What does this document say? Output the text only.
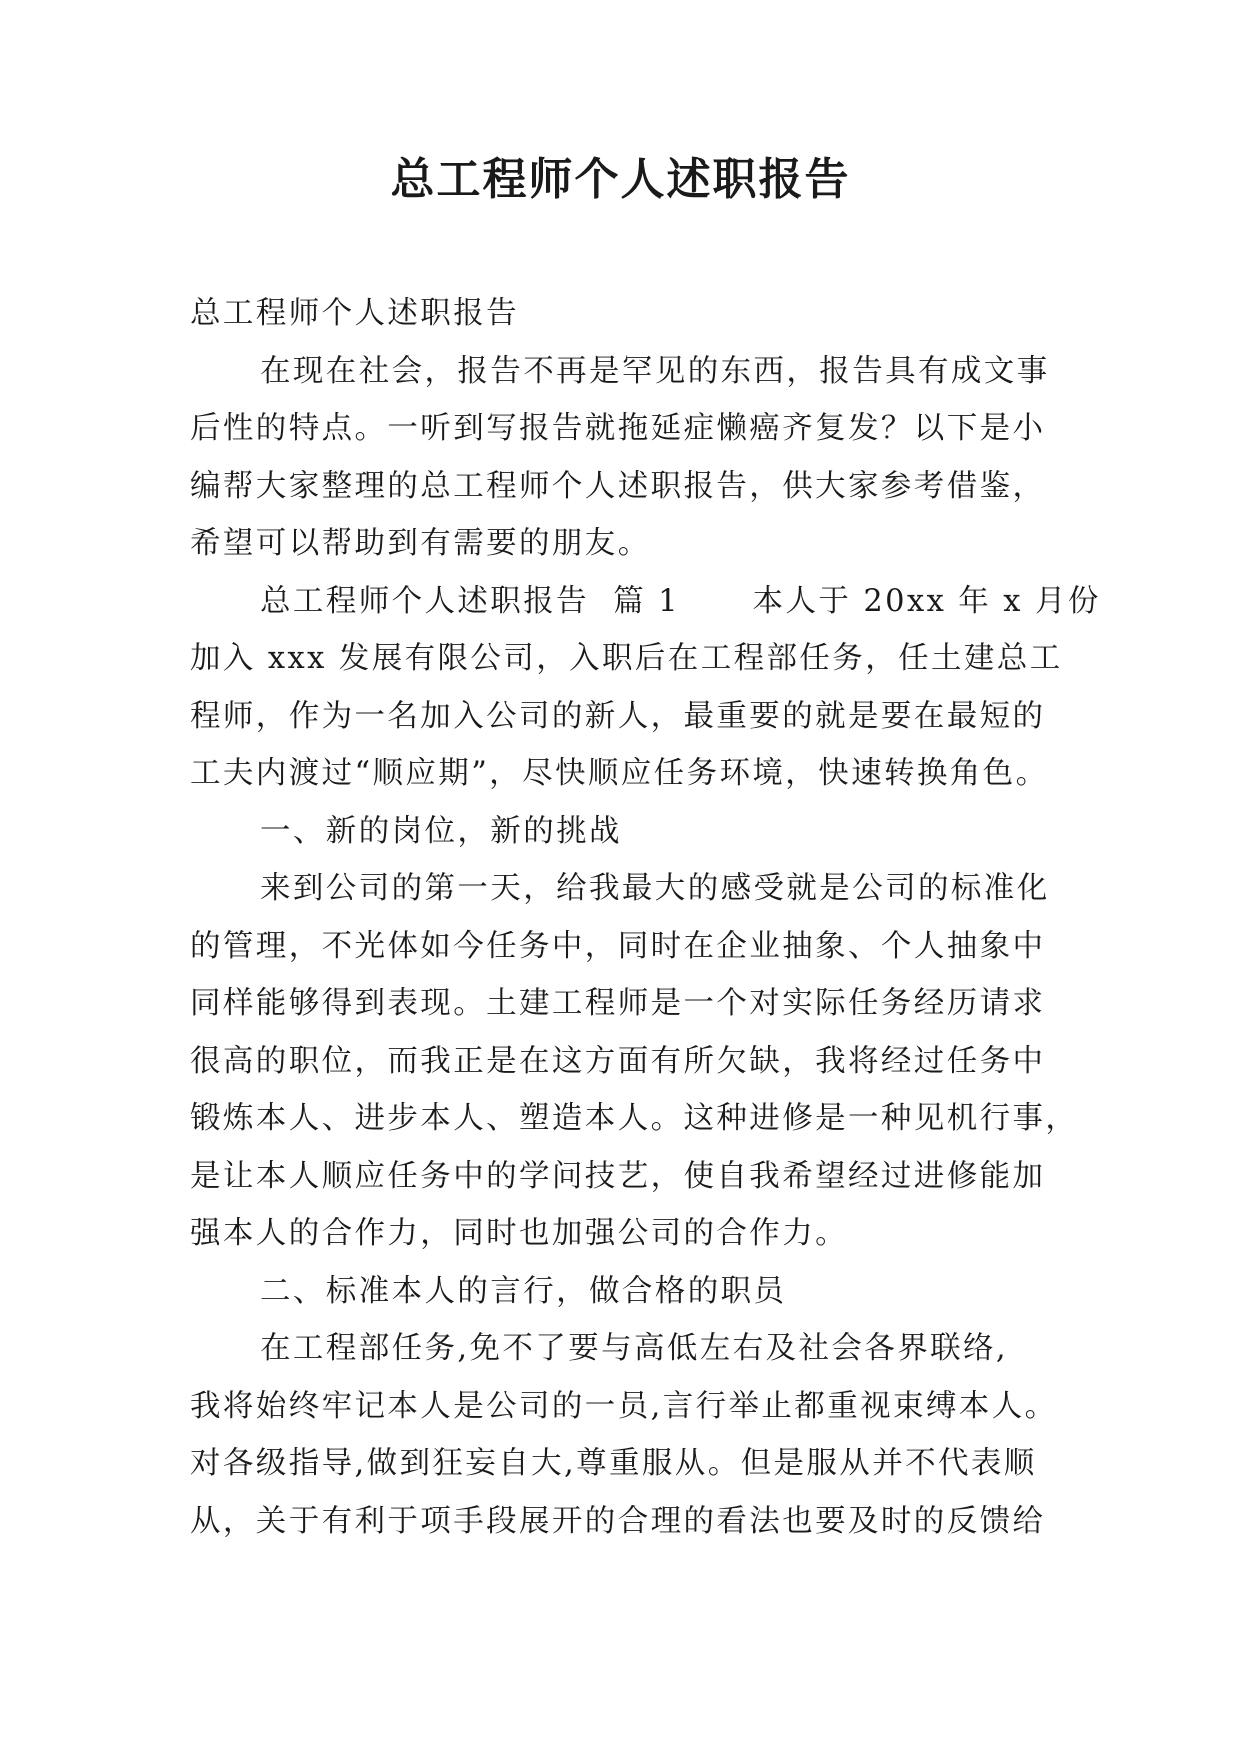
总工程师个人述职报告
总工程师个人述职报告
在现在社会，报告不再是罕见的东西，报告具有成文事
后性的特点。一听到写报告就拖延症懒癌齐复发？以下是小
编帮大家整理的总工程师个人述职报告，供大家参考借鉴，
希望可以帮助到有需要的朋友。
总工程师个人述职报告  篇 1      本人于 20xx 年 x 月份
加入 xxx 发展有限公司，入职后在工程部任务，任土建总工
程师，作为一名加入公司的新人，最重要的就是要在最短的
工夫内渡过“顺应期”，尽快顺应任务环境，快速转换角色。
一、新的岗位，新的挑战
来到公司的第一天，给我最大的感受就是公司的标准化
的管理，不光体如今任务中，同时在企业抽象、个人抽象中
同样能够得到表现。土建工程师是一个对实际任务经历请求
很高的职位，而我正是在这方面有所欠缺，我将经过任务中
锻炼本人、进步本人、塑造本人。这种进修是一种见机行事，
是让本人顺应任务中的学问技艺，使自我希望经过进修能加
强本人的合作力，同时也加强公司的合作力。
二、标准本人的言行，做合格的职员
在工程部任务,免不了要与高低左右及社会各界联络,
我将始终牢记本人是公司的一员,言行举止都重视束缚本人。
对各级指导,做到狂妄自大,尊重服从。但是服从并不代表顺
从，关于有利于项手段展开的合理的看法也要及时的反馈给
